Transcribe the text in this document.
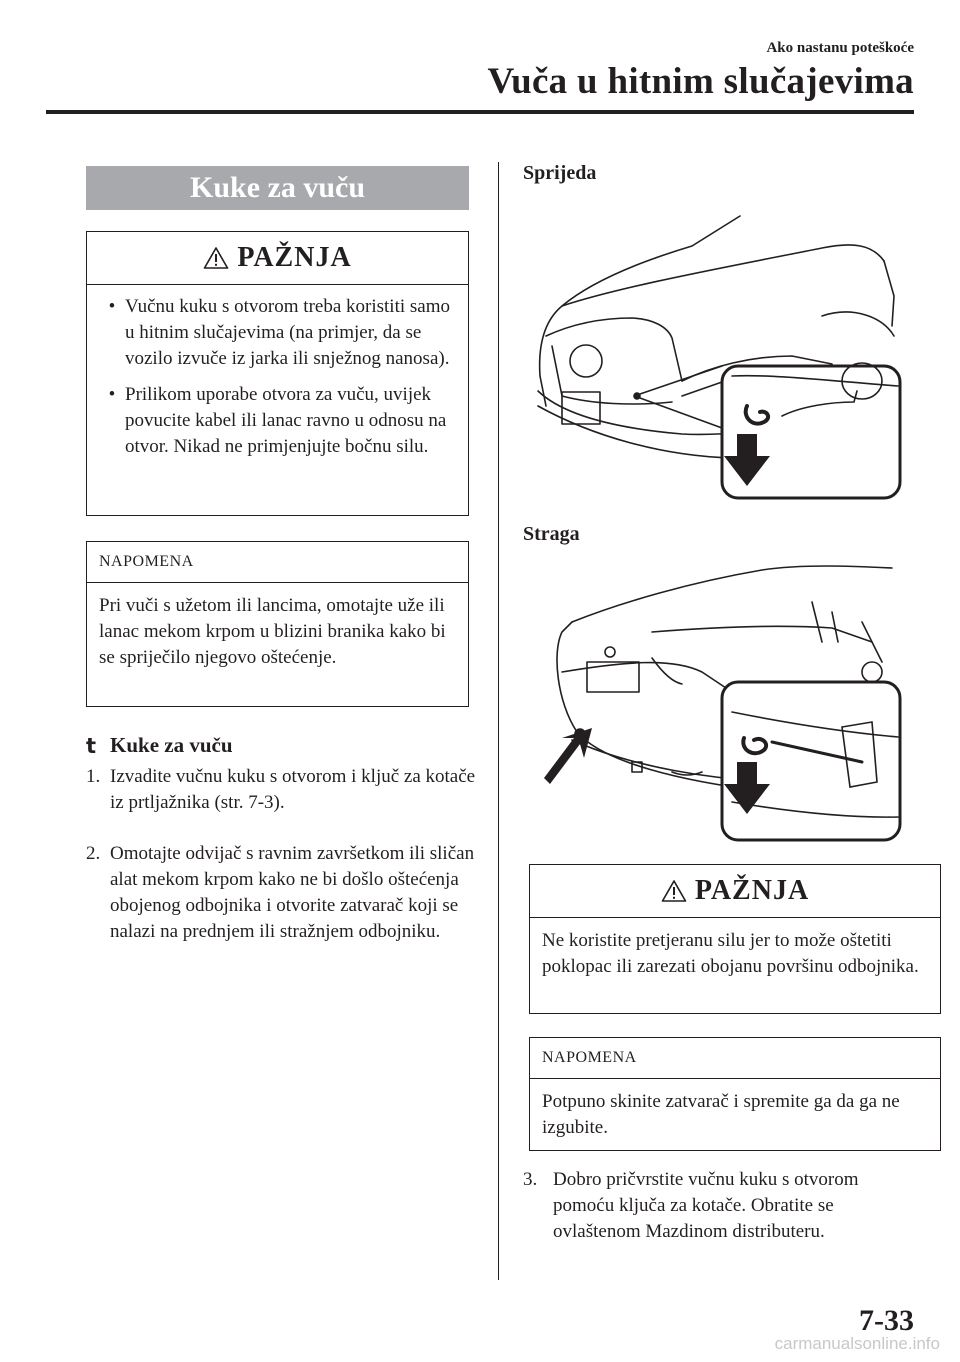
Ako nastanu poteškoće
Vuča u hitnim slučajevima
Kuke za vuču
PAŽNJA
• Vučnu kuku s otvorom treba koristiti samo u hitnim slučajevima (na primjer, da se vozilo izvuče iz jarka ili snježnog nanosa).
• Prilikom uporabe otvora za vuču, uvijek povucite kabel ili lanac ravno u odnosu na otvor. Nikad ne primjenjujte bočnu silu.
NAPOMENA
Pri vuči s užetom ili lancima, omotajte uže ili lanac mekom krpom u blizini branika kako bi se spriječilo njegovo oštećenje.
t Kuke za vuču
1. Izvadite vučnu kuku s otvorom i ključ za kotače iz prtljažnika (str. 7-3).
2. Omotajte odvijač s ravnim završetkom ili sličan alat mekom krpom kako ne bi došlo oštećenja obojenog odbojnika i otvorite zatvarač koji se nalazi na prednjem ili stražnjem odbojniku.
Sprijeda
Straga
PAŽNJA
Ne koristite pretjeranu silu jer to može oštetiti poklopac ili zarezati obojanu površinu odbojnika.
NAPOMENA
Potpuno skinite zatvarač i spremite ga da ga ne izgubite.
3. Dobro pričvrstite vučnu kuku s otvorom pomoću ključa za kotače. Obratite se ovlaštenom Mazdinom distributeru.
7-33
carmanualsonline.info
